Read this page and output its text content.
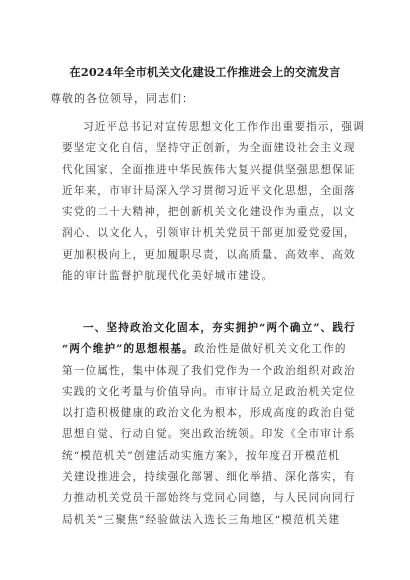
在2024年全市机关文化建设工作推进会上的交流发言
尊敬的各位领导，同志们：
习近平总书记对宣传思想文化工作作出重要指示，强调
要坚定文化自信，坚持守正创新，为全面建设社会主义现
代化国家、全面推进中华民族伟大复兴提供坚强思想保证
近年来，市审计局深入学习贯彻习近平文化思想，全面落
实党的二十大精神，把创新机关文化建设作为重点，以文
润心、以文化人，引领审计机关党员干部更加爱党爱国，
更加积极向上，更加履职尽责，以高质量、高效率、高效
能的审计监督护航现代化美好城市建设。
一、坚持政治文化固本，夯实拥护“两个确立”、践行
“两个维护”的思想根基。政治性是做好机关文化工作的
第一位属性，集中体现了我们党作为一个政治组织对政治
实践的文化考量与价值导向。市审计局立足政治机关定位
以打造积极健康的政治文化为根本，形成高度的政治自觉
思想自觉、行动自觉。突出政治统领。印发《全市审计系
统“模范机关”创建活动实施方案》，按年度召开模范机
关建设推进会，持续强化部署、细化举措、深化落实，有
力推动机关党员干部始终与党同心同德，与人民同向同行
局机关“三聚焦”经验做法入选长三角地区“模范机关建
